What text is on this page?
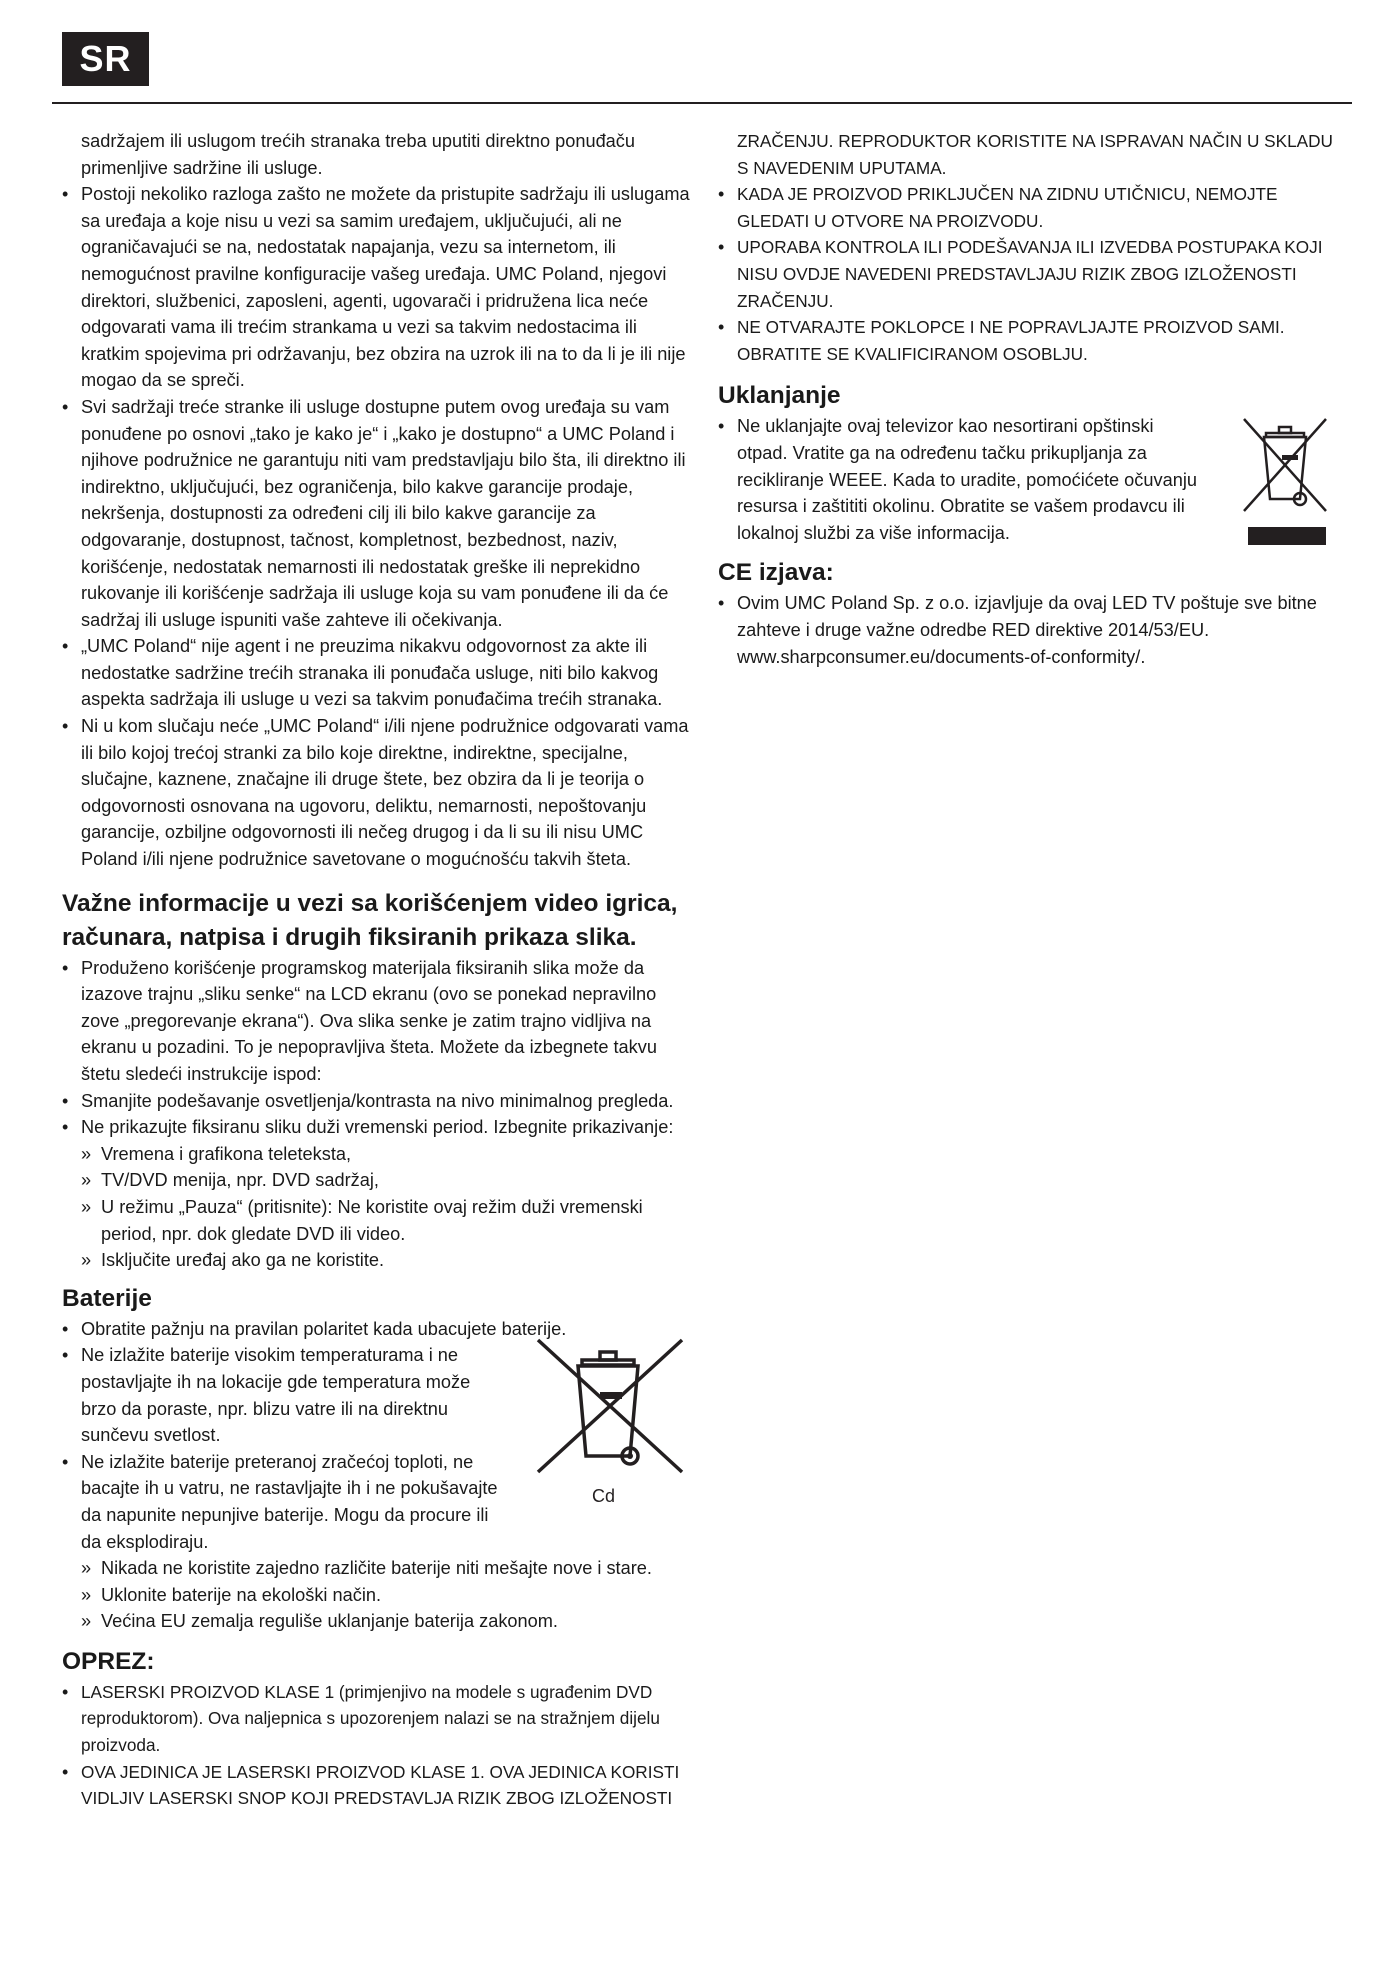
SR

sadržajem ili uslugom trećih stranaka treba uputiti direktno ponuđaču primenljive sadržine ili usluge.

• Postoji nekoliko razloga zašto ne možete da pristupite sadržaju ili uslugama sa uređaja a koje nisu u vezi sa samim uređajem, uključujući, ali ne ograničavajući se na, nedostatak napajanja, vezu sa internetom, ili nemogućnost pravilne konfiguracije vašeg uređaja. UMC Poland, njegovi direktori, službenici, zaposleni, agenti, ugovarači i pridružena lica neće odgovarati vama ili trećim strankama u vezi sa takvim nedostacima ili kratkim spojevima pri održavanju, bez obzira na uzrok ili na to da li je ili nije mogao da se spreči.
• Svi sadržaji treće stranke ili usluge dostupne putem ovog uređaja su vam ponuđene po osnovi „tako je kako je“ i „kako je dostupno“ a UMC Poland i njihove podružnice ne garantuju niti vam predstavljaju bilo šta, ili direktno ili indirektno, uključujući, bez ograničenja, bilo kakve garancije prodaje, nekršenja, dostupnosti za određeni cilj ili bilo kakve garancije za odgovaranje, dostupnost, tačnost, kompletnost, bezbednost, naziv, korišćenje, nedostatak nemarnosti ili nedostatak greške ili neprekidno rukovanje ili korišćenje sadržaja ili usluge koja su vam ponuđene ili da će sadržaj ili usluge ispuniti vaše zahteve ili očekivanja.
• „UMC Poland“ nije agent i ne preuzima nikakvu odgovornost za akte ili nedostatke sadržine trećih stranaka ili ponuđača usluge, niti bilo kakvog aspekta sadržaja ili usluge u vezi sa takvim ponuđačima trećih stranaka.
• Ni u kom slučaju neće „UMC Poland“ i/ili njene podružnice odgovarati vama ili bilo kojoj trećoj stranki za bilo koje direktne, indirektne, specijalne, slučajne, kaznene, značajne ili druge štete, bez obzira da li je teorija o odgovornosti osnovana na ugovoru, deliktu, nemarnosti, nepoštovanju garancije, ozbiljne odgovornosti ili nečeg drugog i da li su ili nisu UMC Poland i/ili njene podružnice savetovane o mogućnošću takvih šteta.
Važne informacije u vezi sa korišćenjem video igrica, računara, natpisa i drugih fiksiranih prikaza slika.
• Produženo korišćenje programskog materijala fiksiranih slika može da izazove trajnu „sliku senke“ na LCD ekranu (ovo se ponekad nepravilno zove „pregorevanje ekrana“). Ova slika senke je zatim trajno vidljiva na ekranu u pozadini. To je nepopravljiva šteta. Možete da izbegnete takvu štetu sledeći instrukcije ispod:
• Smanjite podešavanje osvetljenja/kontrasta na nivo minimalnog pregleda.
• Ne prikazujte fiksiranu sliku duži vremenski period. Izbegnite prikazivanje:
» Vremena i grafikona teleteksta,
» TV/DVD menija, npr. DVD sadržaj,
» U režimu „Pauza“ (pritisnite): Ne koristite ovaj režim duži vremenski period, npr. dok gledate DVD ili video.
» Isključite uređaj ako ga ne koristite.
Baterije
• Obratite pažnju na pravilan polaritet kada ubacujete baterije.
• Ne izlažite baterije visokim temperaturama i ne postavljajte ih na lokacije gde temperatura može brzo da poraste, npr. blizu vatre ili na direktnu sunčevu svetlost.
• Ne izlažite baterije preteranoj zračećoj toploti, ne bacajte ih u vatru, ne rastavljajte ih i ne pokušavajte da napunite nepunjive baterije. Mogu da procure ili da eksplodiraju.
» Nikada ne koristite zajedno različite baterije niti mešajte nove i stare.
» Uklonite baterije na ekološki način.
» Većina EU zemalja reguliše uklanjanje baterija zakonom.
Cd
OPREZ:
• LASERSKI PROIZVOD KLASE 1 (primjenjivo na modele s ugrađenim DVD reproduktorom). Ova naljepnica s upozorenjem nalazi se na stražnjem dijelu proizvoda.
• OVA JEDINICA JE LASERSKI PROIZVOD KLASE 1. OVA JEDINICA KORISTI VIDLJIV LASERSKI SNOP KOJI PREDSTAVLJA RIZIK ZBOG IZLOŽENOSTI

ZRAČENJU. REPRODUKTOR KORISTITE NA ISPRAVAN NAČIN U SKLADU S NAVEDENIM UPUTAMA.

• KADA JE PROIZVOD PRIKLJUČEN NA ZIDNU UTIČNICU, NEMOJTE GLEDATI U OTVORE NA PROIZVODU.
• UPORABA KONTROLA ILI PODEŠAVANJA ILI IZVEDBA POSTUPAKA KOJI NISU OVDJE NAVEDENI PREDSTAVLJAJU RIZIK ZBOG IZLOŽENOSTI ZRAČENJU.
• NE OTVARAJTE POKLOPCE I NE POPRAVLJAJTE PROIZVOD SAMI. OBRATITE SE KVALIFICIRANOM OSOBLJU.
Uklanjanje
• Ne uklanjajte ovaj televizor kao nesortirani opštinski otpad. Vratite ga na određenu tačku prikupljanja za recikliranje WEEE. Kada to uradite, pomoćićete očuvanju resursa i zaštititi okolinu. Obratite se vašem prodavcu ili lokalnoj službi za više informacija.
CE izjava:
• Ovim UMC Poland Sp. z o.o. izjavljuje da ovaj LED TV poštuje sve bitne zahteve i druge važne odredbe RED direktive 2014/53/EU. www.sharpconsumer.eu/documents-of-conformity/.
